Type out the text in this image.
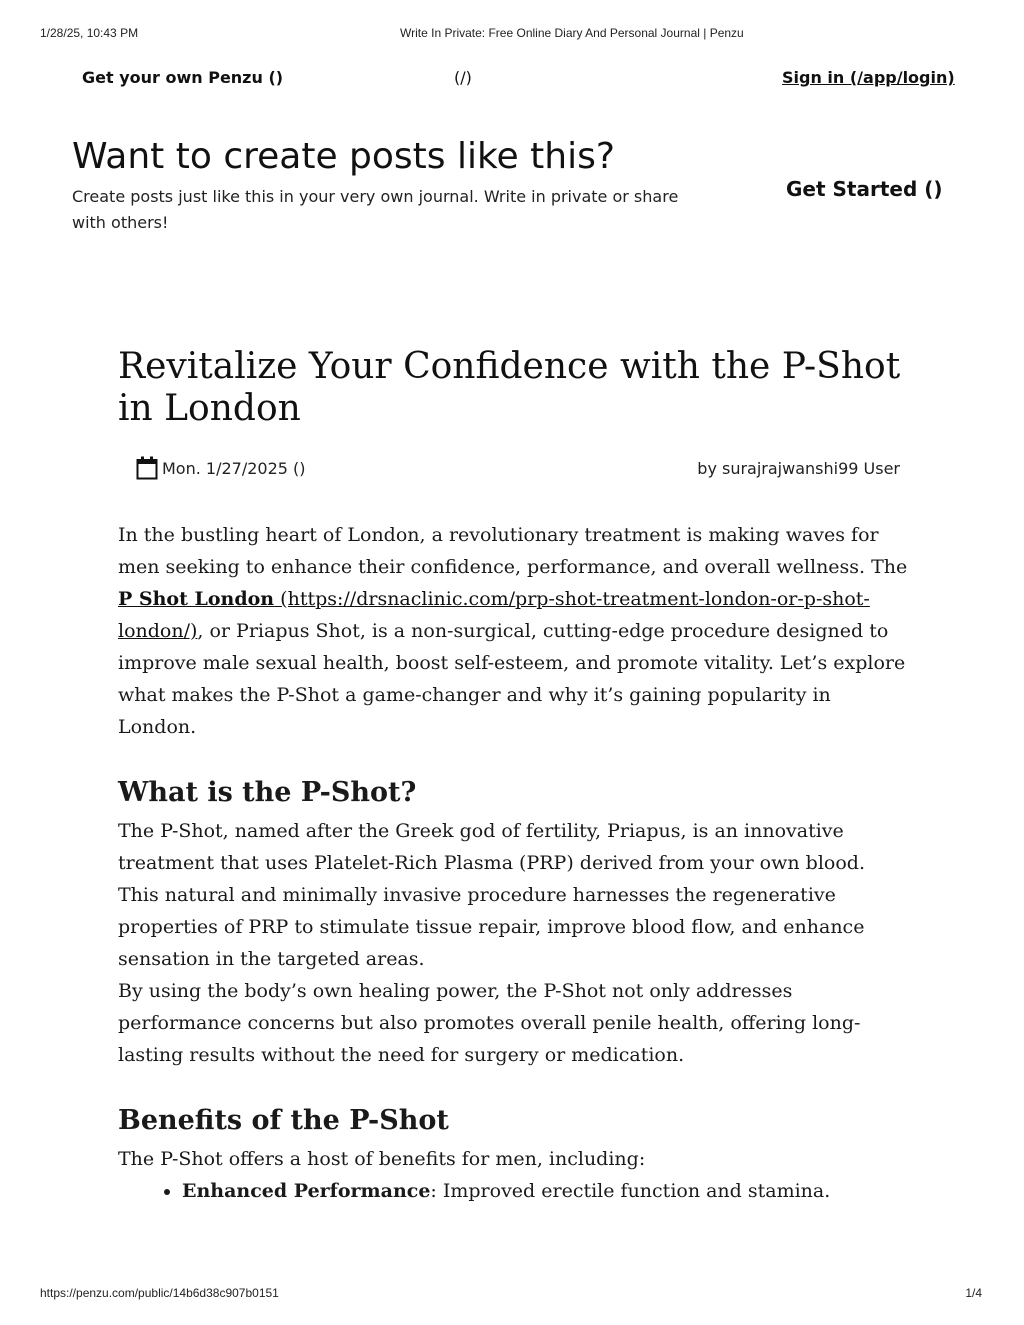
1/28/25, 10:43 PM	Write In Private: Free Online Diary And Personal Journal | Penzu
Get your own Penzu ()	(/)	Sign in (/app/login)
Want to create posts like this?
Create posts just like this in your very own journal. Write in private or share with others!
Get Started ()
Revitalize Your Confidence with the P-Shot in London
Mon. 1/27/2025 ()	by surajrajwanshi99 User

In the bustling heart of London, a revolutionary treatment is making waves for men seeking to enhance their confidence, performance, and overall wellness. The P Shot London (https://drsnaclinic.com/prp-shot-treatment-london-or-p-shot-london/), or Priapus Shot, is a non-surgical, cutting-edge procedure designed to improve male sexual health, boost self-esteem, and promote vitality. Let’s explore what makes the P-Shot a game-changer and why it’s gaining popularity in London.

What is the P-Shot?

The P-Shot, named after the Greek god of fertility, Priapus, is an innovative treatment that uses Platelet-Rich Plasma (PRP) derived from your own blood. This natural and minimally invasive procedure harnesses the regenerative properties of PRP to stimulate tissue repair, improve blood flow, and enhance sensation in the targeted areas.

By using the body’s own healing power, the P-Shot not only addresses performance concerns but also promotes overall penile health, offering long-lasting results without the need for surgery or medication.

Benefits of the P-Shot

The P-Shot offers a host of benefits for men, including:

• Enhanced Performance: Improved erectile function and stamina.
https://penzu.com/public/14b6d38c907b0151	1/4
